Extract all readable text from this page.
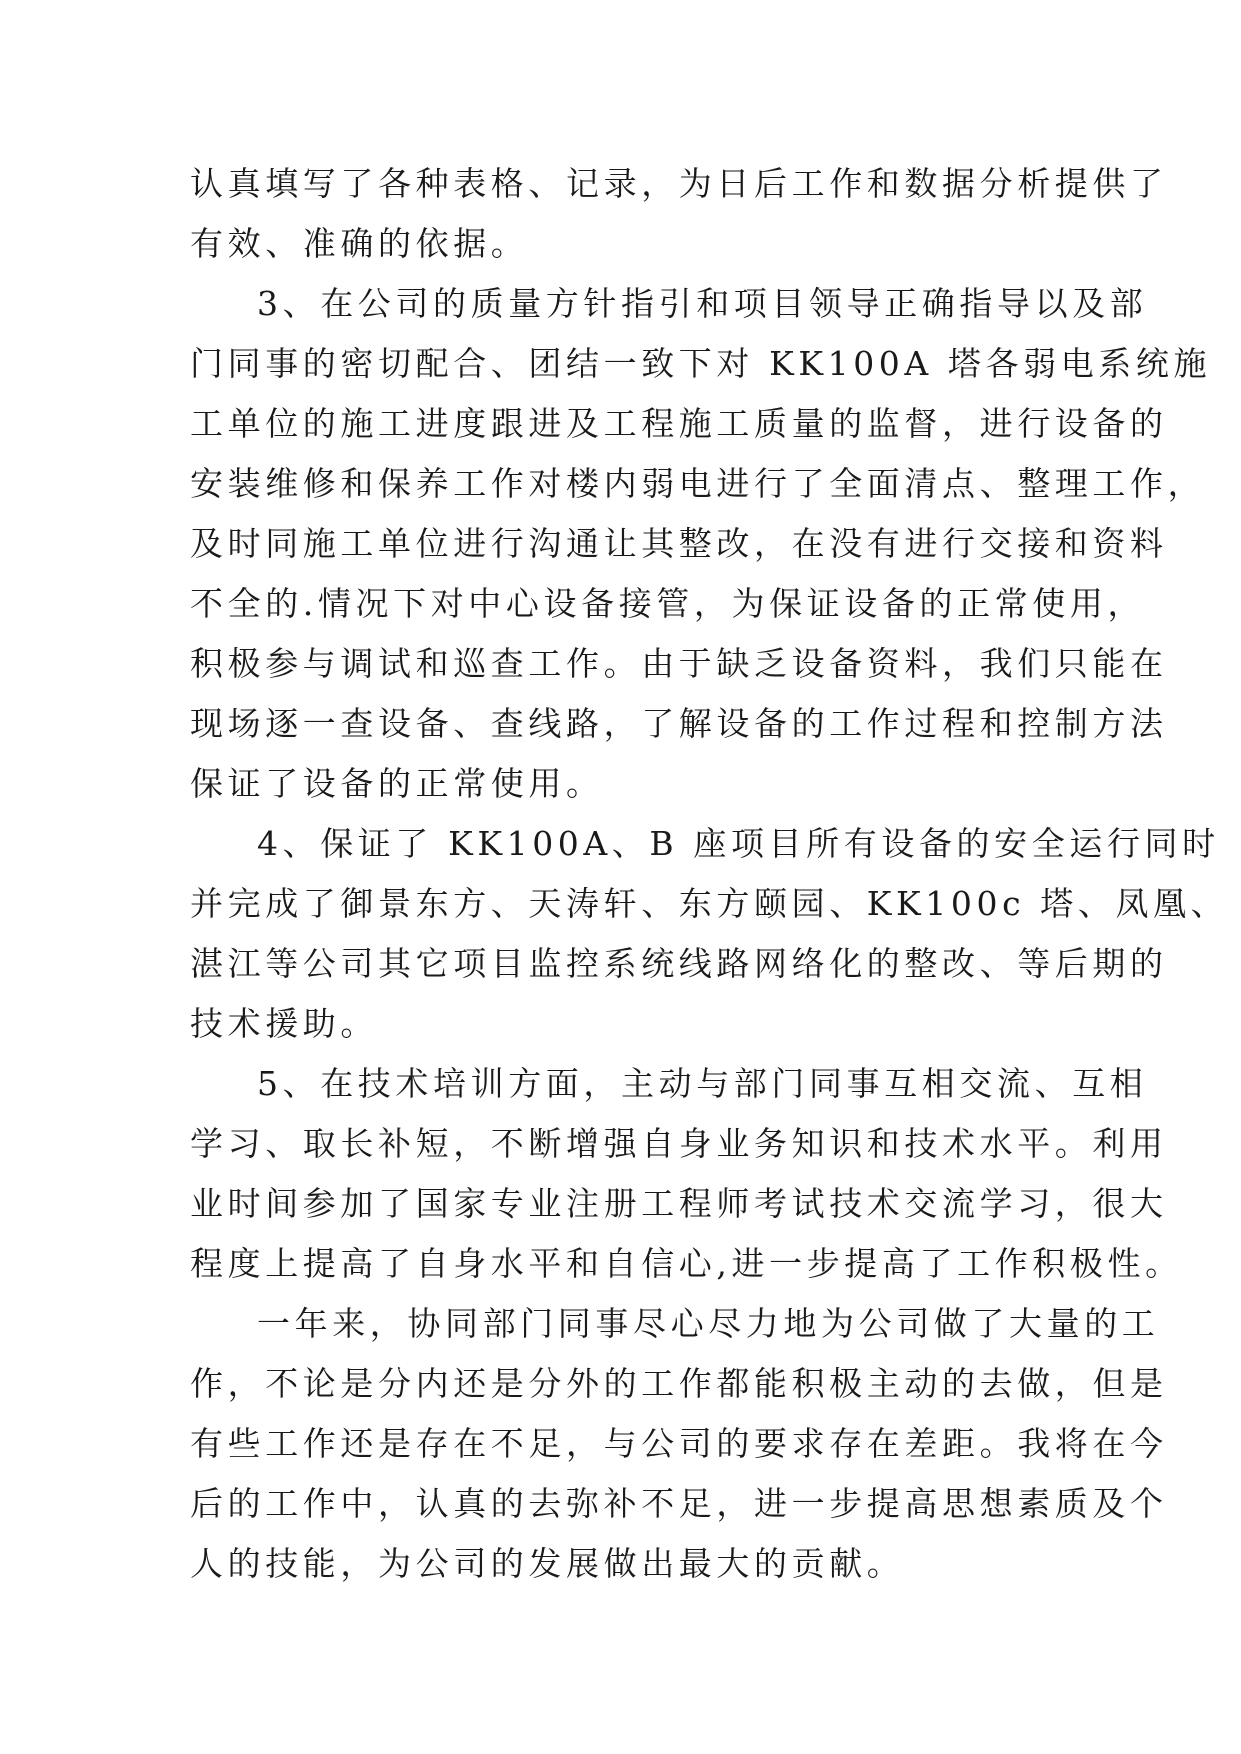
认真填写了各种表格、记录，为日后工作和数据分析提供了
有效、准确的依据。
3、在公司的质量方针指引和项目领导正确指导以及部
门同事的密切配合、团结一致下对 KK100A 塔各弱电系统施
工单位的施工进度跟进及工程施工质量的监督，进行设备的
安装维修和保养工作对楼内弱电进行了全面清点、整理工作，
及时同施工单位进行沟通让其整改，在没有进行交接和资料
不全的.情况下对中心设备接管，为保证设备的正常使用，
积极参与调试和巡查工作。由于缺乏设备资料，我们只能在
现场逐一查设备、查线路，了解设备的工作过程和控制方法
保证了设备的正常使用。
4、保证了 KK100A、B 座项目所有设备的安全运行同时
并完成了御景东方、天涛轩、东方颐园、KK100c 塔、凤凰、
湛江等公司其它项目监控系统线路网络化的整改、等后期的
技术援助。
5、在技术培训方面，主动与部门同事互相交流、互相
学习、取长补短，不断增强自身业务知识和技术水平。利用
业时间参加了国家专业注册工程师考试技术交流学习，很大
程度上提高了自身水平和自信心,进一步提高了工作积极性。
一年来，协同部门同事尽心尽力地为公司做了大量的工
作，不论是分内还是分外的工作都能积极主动的去做，但是
有些工作还是存在不足，与公司的要求存在差距。我将在今
后的工作中，认真的去弥补不足，进一步提高思想素质及个
人的技能，为公司的发展做出最大的贡献。
